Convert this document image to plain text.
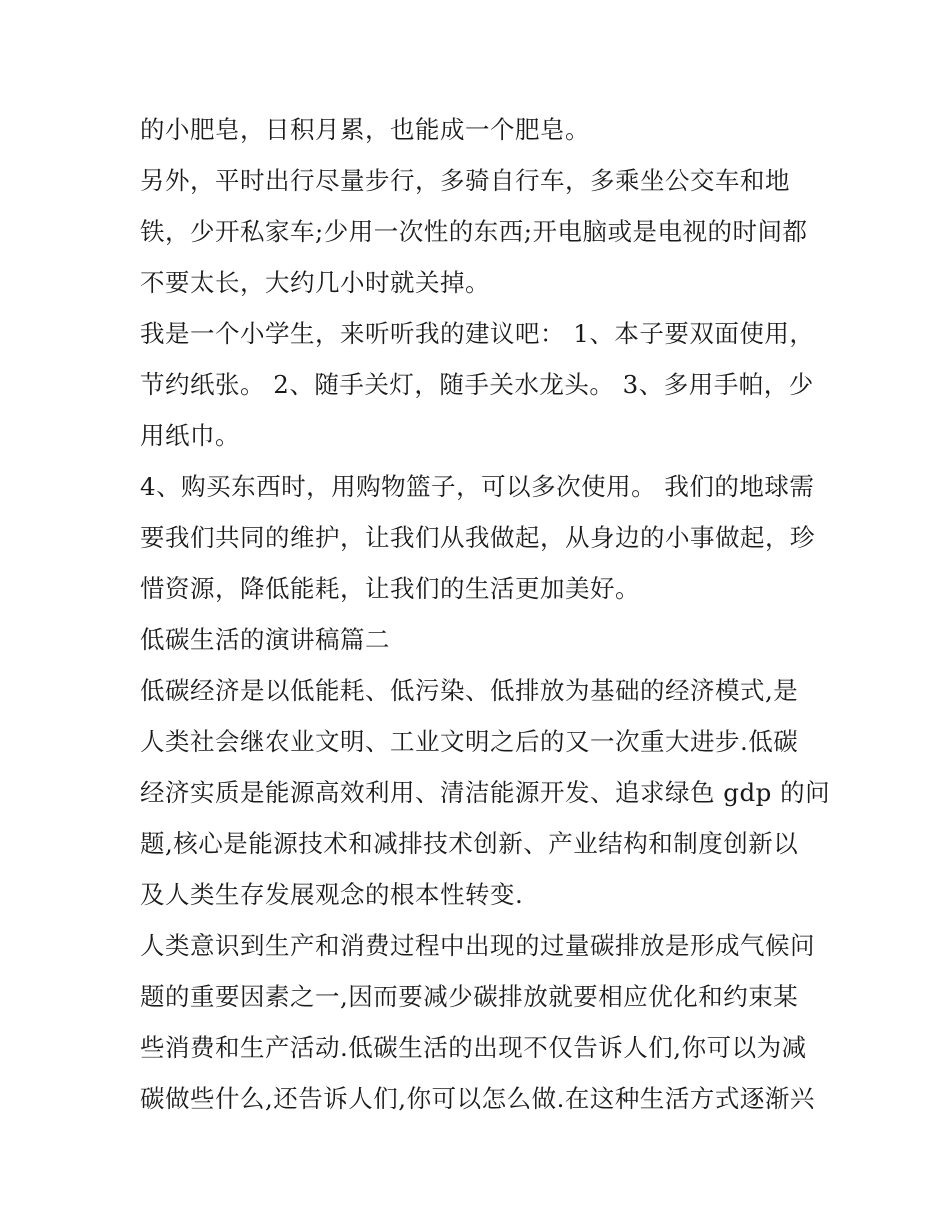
的小肥皂，日积月累，也能成一个肥皂。

另外，平时出行尽量步行，多骑自行车，多乘坐公交车和地

铁，少开私家车;少用一次性的东西;开电脑或是电视的时间都

不要太长，大约几小时就关掉。

我是一个小学生，来听听我的建议吧： 1、本子要双面使用，

节约纸张。 2、随手关灯，随手关水龙头。 3、多用手帕，少

用纸巾。

4、购买东西时，用购物篮子，可以多次使用。 我们的地球需

要我们共同的维护，让我们从我做起，从身边的小事做起，珍

惜资源，降低能耗，让我们的生活更加美好。

低碳生活的演讲稿篇二

低碳经济是以低能耗、低污染、低排放为基础的经济模式,是

人类社会继农业文明、工业文明之后的又一次重大进步.低碳

经济实质是能源高效利用、清洁能源开发、追求绿色 gdp 的问

题,核心是能源技术和减排技术创新、产业结构和制度创新以

及人类生存发展观念的根本性转变.

人类意识到生产和消费过程中出现的过量碳排放是形成气候问

题的重要因素之一,因而要减少碳排放就要相应优化和约束某

些消费和生产活动.低碳生活的出现不仅告诉人们,你可以为减

碳做些什么,还告诉人们,你可以怎么做.在这种生活方式逐渐兴
